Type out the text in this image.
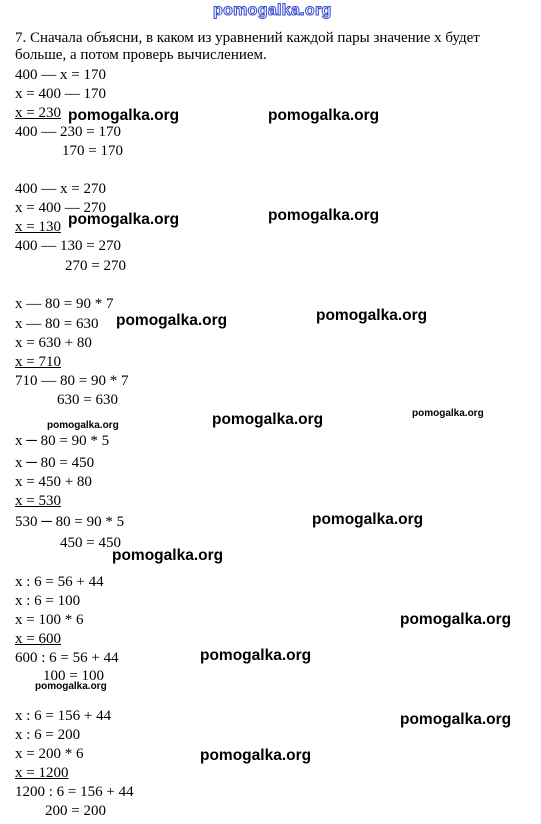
pomogalka.org
7. Сначала объясни, в каком из уравнений каждой пары значение х будет
больше, а потом проверь вычислением.
400 — х = 170
х = 400 — 170
х = 230
400 — 230 = 170
170 = 170
400 — х = 270
х = 400 — 270
х = 130
400 — 130 = 270
270 = 270
х — 80 = 90 * 7
х — 80 = 630
х = 630 + 80
х = 710
710 — 80 = 90 * 7
630 = 630
х ─ 80 = 90 * 5
х ─ 80 = 450
х = 450 + 80
х = 530
530 ─ 80 = 90 * 5
450 = 450
х : 6 = 56 + 44
х : 6 = 100
х = 100 * 6
х = 600
600 : 6 = 56 + 44
100 = 100
х : 6 = 156 + 44
х : 6 = 200
х = 200 * 6
х = 1200
1200 : 6 = 156 + 44
200 = 200
pomogalka.org	pomogalka.org
pomogalka.org	pomogalka.org
pomogalka.org	pomogalka.org
pomogalka.org	pomogalka.org
pomogalka.org
pomogalka.org
pomogalka.org
pomogalka.org
pomogalka.org
pomogalka.org
pomogalka.org
pomogalka.org
